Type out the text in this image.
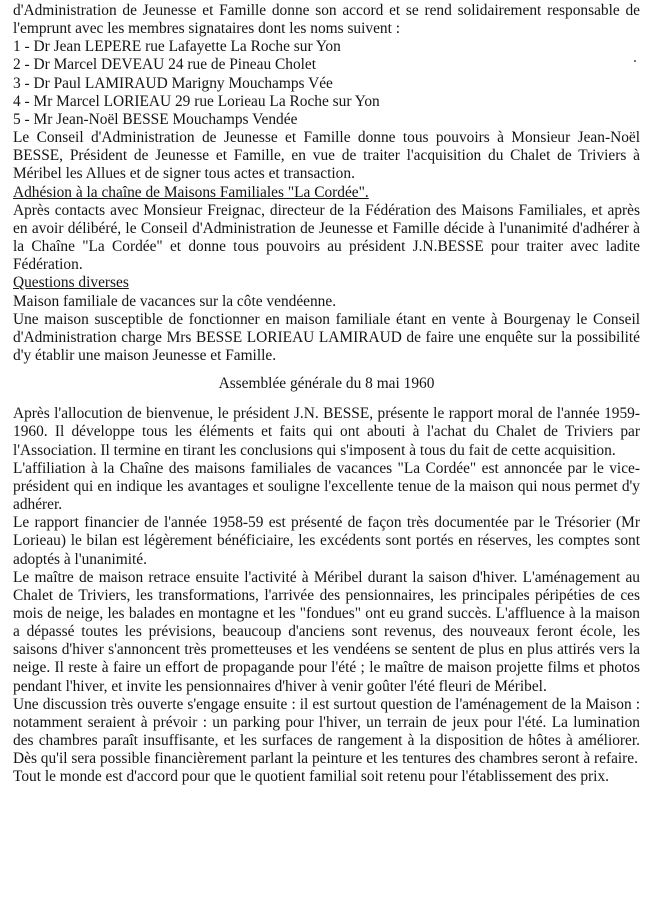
d'Administration de Jeunesse et Famille donne son accord et se rend solidairement responsable de l'emprunt avec les membres signataires dont les noms suivent :

1 - Dr Jean LEPERE rue Lafayette La Roche sur Yon
2 - Dr Marcel DEVEAU 24 rue de Pineau Cholet
3 - Dr Paul LAMIRAUD Marigny Mouchamps Vée
4 - Mr Marcel LORIEAU 29 rue Lorieau La Roche sur Yon
5 - Mr Jean-Noël BESSE Mouchamps Vendée

Le Conseil d'Administration de Jeunesse et Famille donne tous pouvoirs à Monsieur Jean-Noël BESSE, Président de Jeunesse et Famille, en vue de traiter l'acquisition du Chalet de Triviers à Méribel les Allues et de signer tous actes et transaction.

Adhésion à la chaîne de Maisons Familiales "La Cordée".

Après contacts avec Monsieur Freignac, directeur de la Fédération des Maisons Familiales, et après en avoir délibéré, le Conseil d'Administration de Jeunesse et Famille décide à l'unanimité d'adhérer à la Chaîne "La Cordée" et donne tous pouvoirs au président J.N.BESSE pour traiter avec ladite Fédération.

Questions diverses
Maison familiale de vacances sur la côte vendéenne.

Une maison susceptible de fonctionner en maison familiale étant en vente à Bourgenay le Conseil d'Administration charge Mrs BESSE LORIEAU LAMIRAUD de faire une enquête sur la possibilité d'y établir une maison Jeunesse et Famille.

Assemblée générale du 8 mai 1960

Après l'allocution de bienvenue, le président J.N. BESSE, présente le rapport moral de l'année 1959-1960. Il développe tous les éléments et faits qui ont abouti à l'achat du Chalet de Triviers par l'Association. Il termine en tirant les conclusions qui s'imposent à tous du fait de cette acquisition.

L'affiliation à la Chaîne des maisons familiales de vacances "La Cordée" est annoncée par le vice-président qui en indique les avantages et souligne l'excellente tenue de la maison qui nous permet d'y adhérer.

Le rapport financier de l'année 1958-59 est présenté de façon très documentée par le Trésorier (Mr Lorieau) le bilan est légèrement bénéficiaire, les excédents sont portés en réserves, les comptes sont adoptés à l'unanimité.

Le maître de maison retrace ensuite l'activité à Méribel durant la saison d'hiver. L'aménagement au Chalet de Triviers, les transformations, l'arrivée des pensionnaires, les principales péripéties de ces mois de neige, les balades en montagne et les "fondues" ont eu grand succès. L'affluence à la maison a dépassé toutes les prévisions, beaucoup d'anciens sont revenus, des nouveaux feront école, les saisons d'hiver s'annoncent très prometteuses et les vendéens se sentent de plus en plus attirés vers la neige. Il reste à faire un effort de propagande pour l'été ; le maître de maison projette films et photos pendant l'hiver, et invite les pensionnaires d'hiver à venir goûter l'été fleuri de Méribel.

Une discussion très ouverte s'engage ensuite : il est surtout question de l'aménagement de la Maison : notamment seraient à prévoir : un parking pour l'hiver, un terrain de jeux pour l'été. La lumination des chambres paraît insuffisante, et les surfaces de rangement à la disposition de hôtes à améliorer. Dès qu'il sera possible financièrement parlant la peinture et les tentures des chambres seront à refaire.

Tout le monde est d'accord pour que le quotient familial soit retenu pour l'établissement des prix.
